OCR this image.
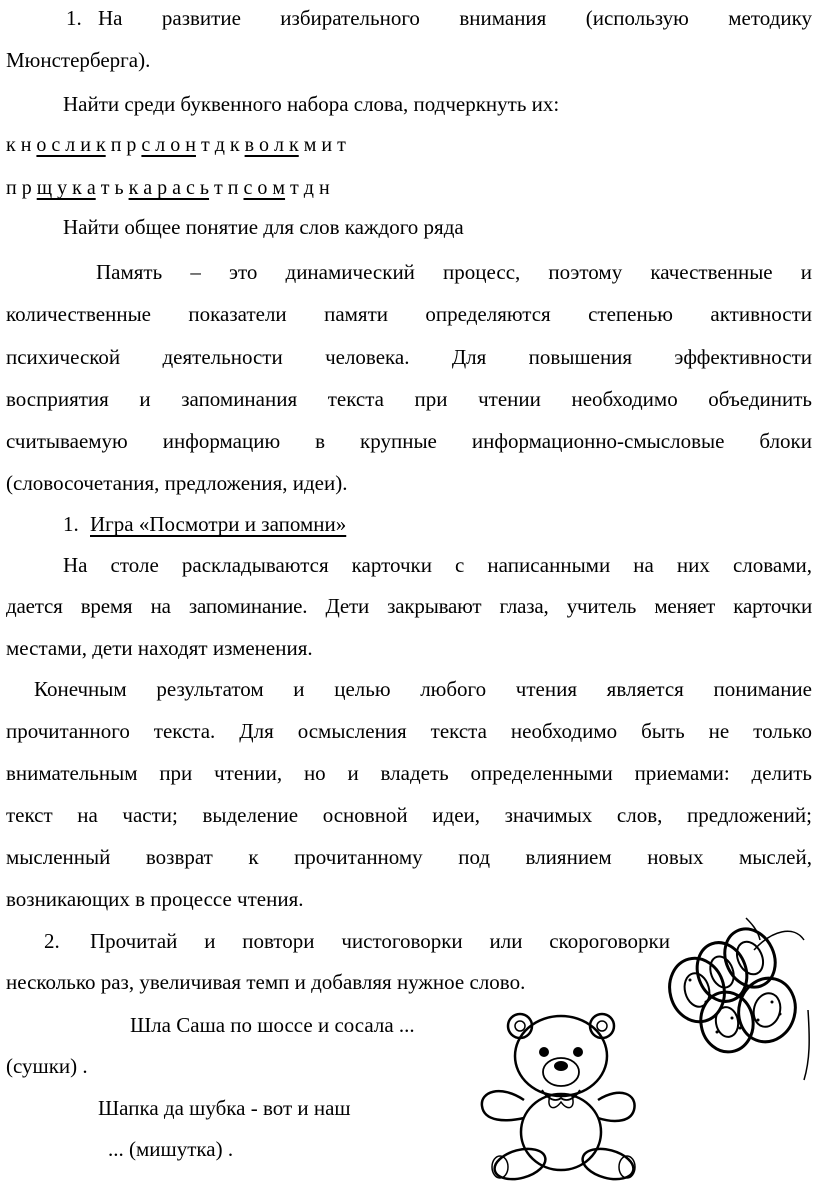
1. На развитие избирательного внимания (использую методику
Мюнстерберга).
Найти среди буквенного набора слова, подчеркнуть их:
к н о с л и к п р с л о н т д к в о л к м и т
п р щ у к а т ь к а р а с ь т п с о м т д н
Найти общее понятие для слов каждого ряда
Память – это динамический процесс, поэтому качественные и
количественные показатели памяти определяются степенью активности
психической деятельности человека. Для повышения эффективности
восприятия и запоминания текста при чтении необходимо объединить
считываемую информацию в крупные информационно-смысловые блоки
(словосочетания, предложения, идеи).
1. Игра «Посмотри и запомни»
На столе раскладываются карточки с написанными на них словами,
дается время на запоминание. Дети закрывают глаза, учитель меняет карточки
местами, дети находят изменения.
Конечным результатом и целью любого чтения является понимание
прочитанного текста. Для осмысления текста необходимо быть не только
внимательным при чтении, но и владеть определенными приемами: делить
текст на части; выделение основной идеи, значимых слов, предложений;
мысленный возврат к прочитанному под влиянием новых мыслей,
возникающих в процессе чтения.
2. Прочитай и повтори чистоговорки или скороговорки
несколько раз, увеличивая темп и добавляя нужное слово.
Шла Саша по шоссе и сосала ...
(сушки) .
Шапка да шубка - вот и наш
... (мишутка) .
